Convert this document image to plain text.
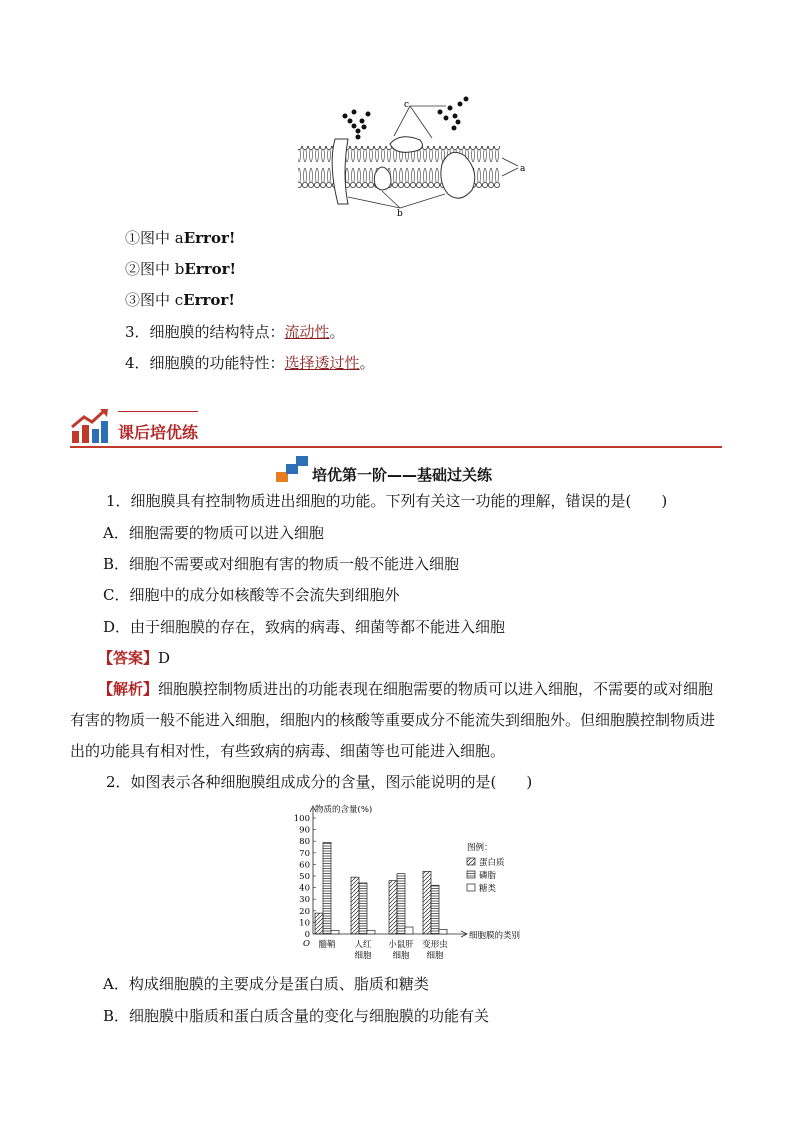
c
a
b
①图中 aError!
②图中 bError!
③图中 cError!
3．细胞膜的结构特点：流动性。
4．细胞膜的功能特性：选择透过性。
课后培优练
培优第一阶——基础过关练
1．细胞膜具有控制物质进出细胞的功能。下列有关这一功能的理解，错误的是(　　)
A．细胞需要的物质可以进入细胞
B．细胞不需要或对细胞有害的物质一般不能进入细胞
C．细胞中的成分如核酸等不会流失到细胞外
D．由于细胞膜的存在，致病的病毒、细菌等都不能进入细胞
【答案】D
【解析】细胞膜控制物质进出的功能表现在细胞需要的物质可以进入细胞，不需要的或对细胞有害的物质一般不能进入细胞，细胞内的核酸等重要成分不能流失到细胞外。但细胞膜控制物质进出的功能具有相对性，有些致病的病毒、细菌等也可能进入细胞。
2．如图表示各种细胞膜组成成分的含量，图示能说明的是(　　)
0
10
20
30
40
50
60
70
80
90
100
物质的含量(%)
细胞膜的类别
O 髓鞘 人红
细胞
小鼠肝
细胞
变形虫
细胞
图例：
蛋白质
磷脂
糖类
A．构成细胞膜的主要成分是蛋白质、脂质和糖类
B．细胞膜中脂质和蛋白质含量的变化与细胞膜的功能有关
